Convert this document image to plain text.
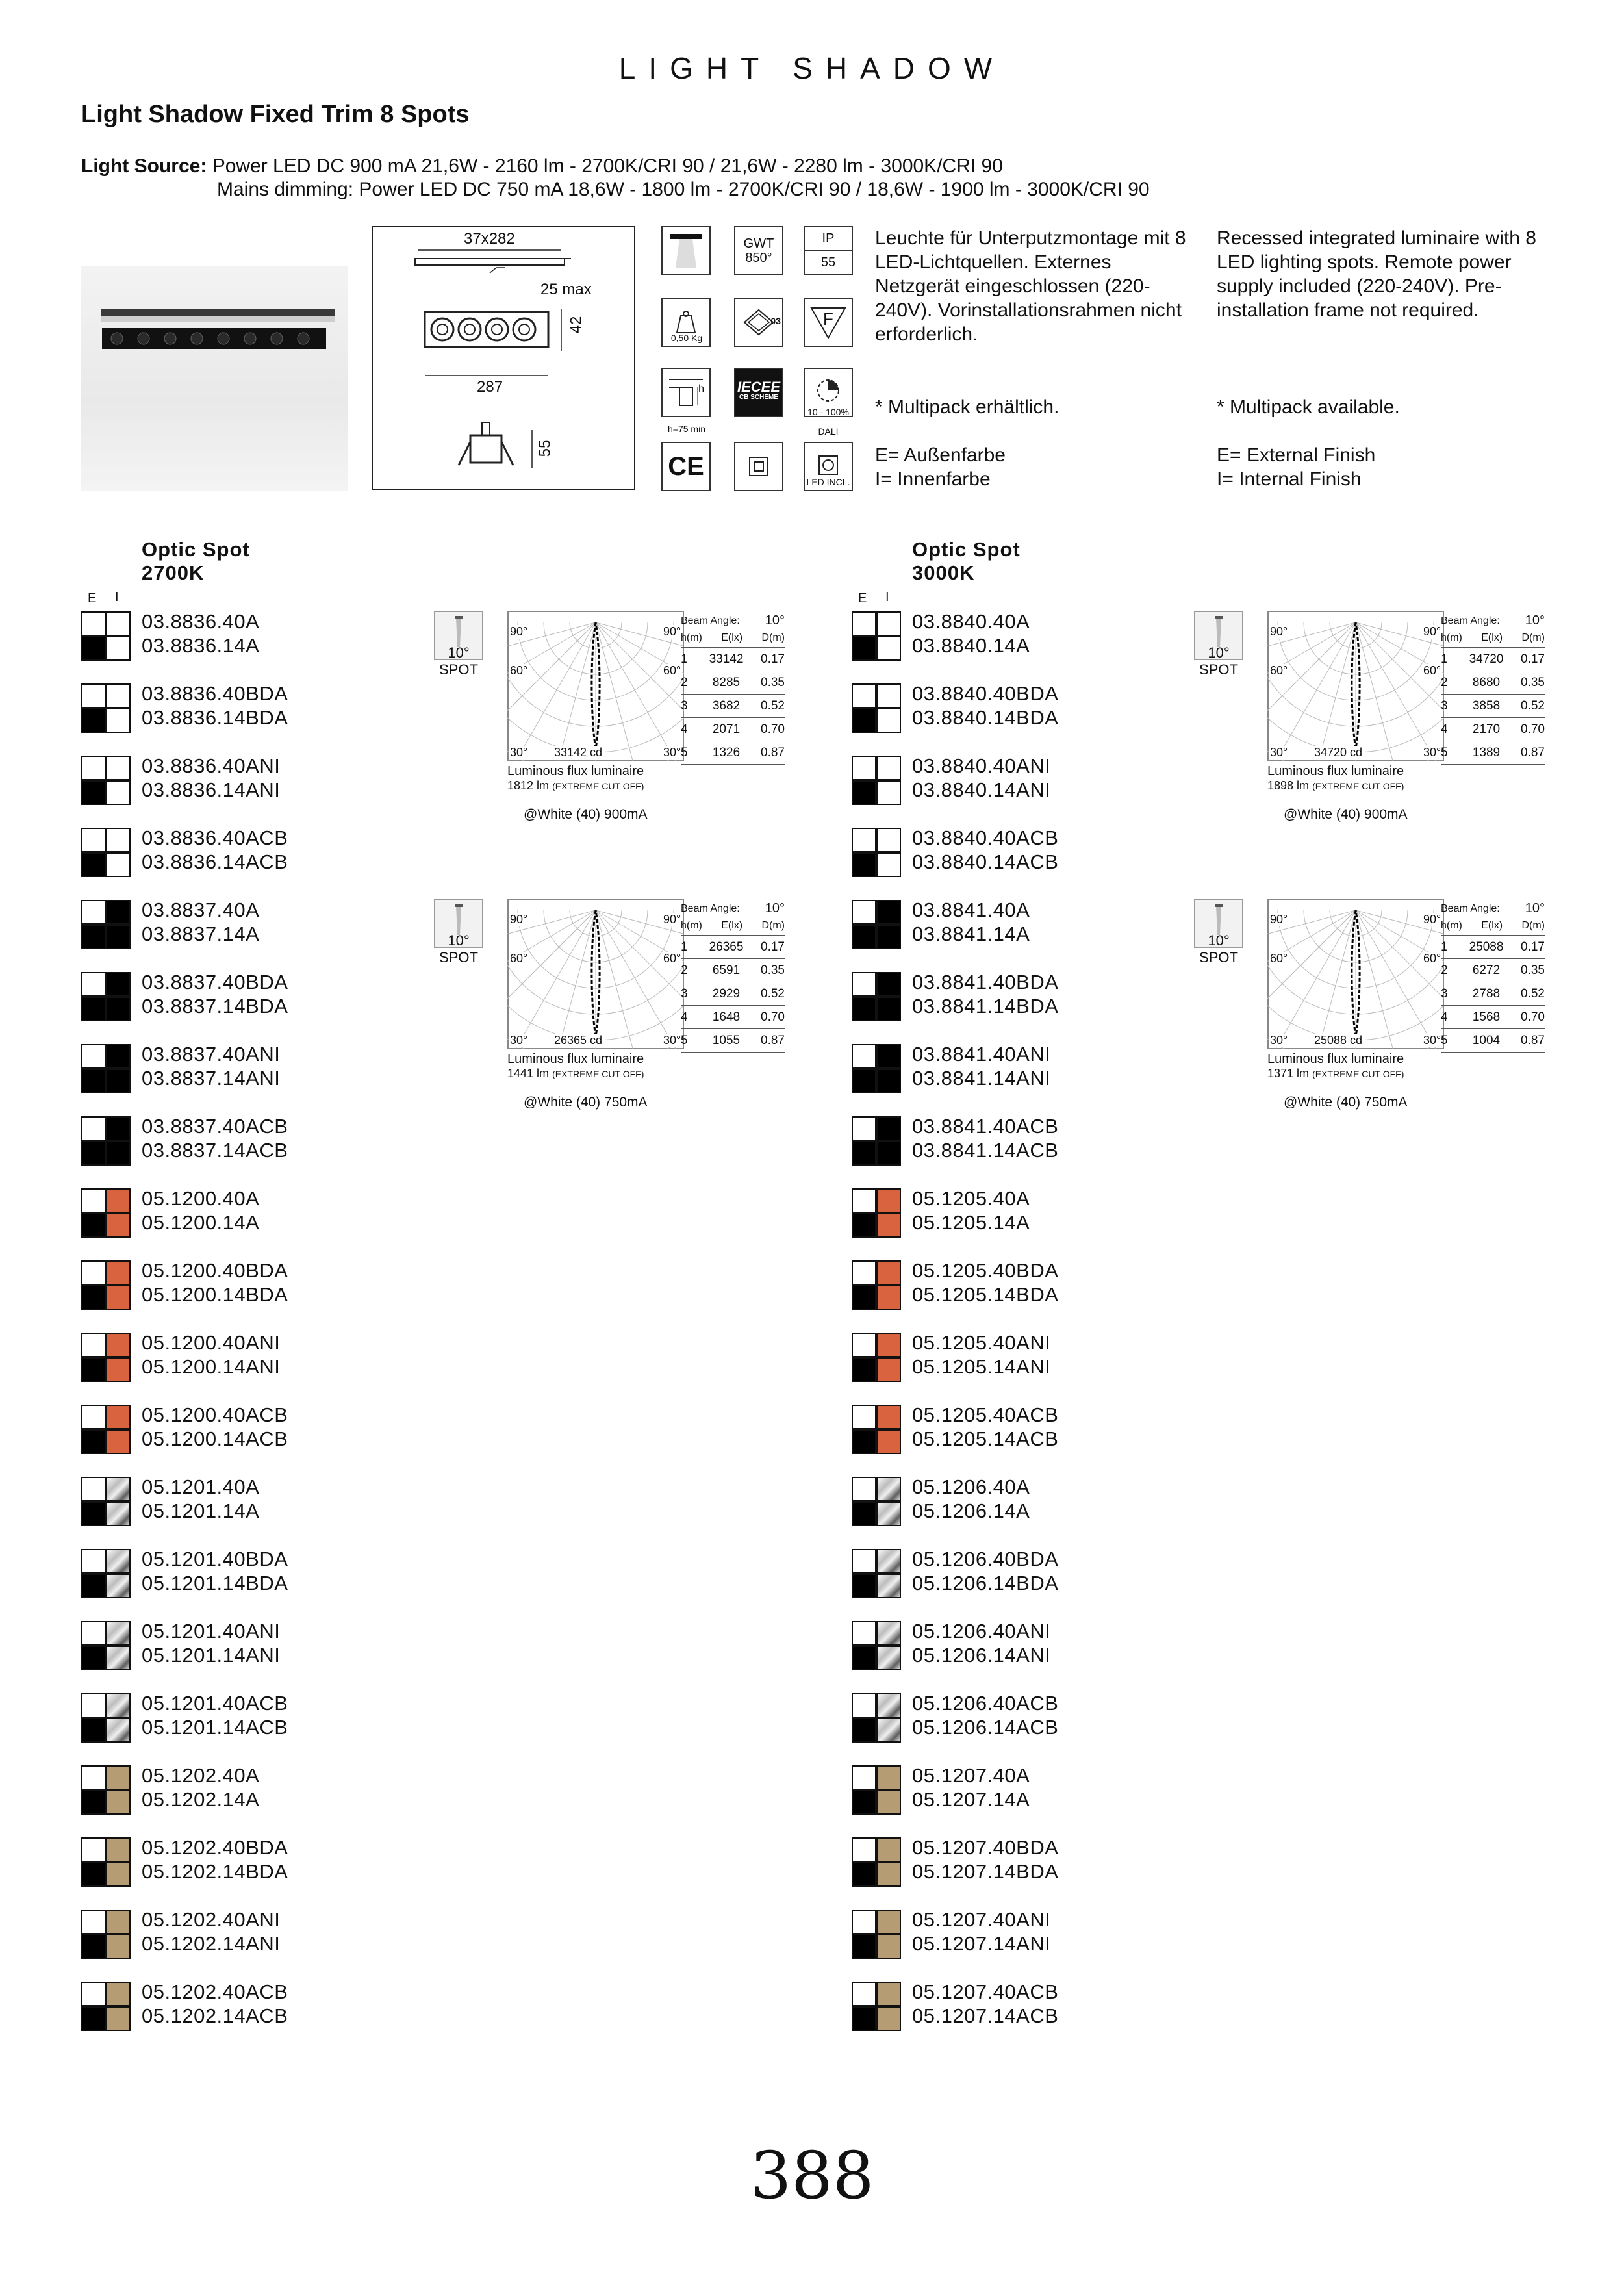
LIGHT SHADOW
Light Shadow Fixed Trim 8 Spots
Light Source: Power LED DC 900 mA 21,6W - 2160 lm - 2700K/CRI 90 / 21,6W - 2280 lm - 3000K/CRI 90
Mains dimming: Power LED DC 750 mA 18,6W - 1800 lm - 2700K/CRI 90 / 18,6W - 1900 lm - 3000K/CRI 90
37x282
25 max
42
287
55
GWT
850°
IP
55
0,50 Kg
03	F
h
h=75 min
IECEE
CB SCHEME
10 - 100%
DALI
CE
LED INCL.
Leuchte für Unterputzmontage mit 8 LED-Lichtquellen. Externes Netzgerät eingeschlossen (220-240V). Vorinstallationsrahmen nicht erforderlich.
Recessed integrated luminaire with 8 LED lighting spots. Remote power supply included (220-240V). Pre-installation frame not required.
* Multipack erhältlich.	* Multipack available.
E= Außenfarbe
I= Innenfarbe
E= External Finish
I= Internal Finish
Optic Spot
2700K
E I
03.8836.40A
03.8836.14A
03.8836.40BDA
03.8836.14BDA
03.8836.40ANI
03.8836.14ANI
03.8836.40ACB
03.8836.14ACB
03.8837.40A
03.8837.14A
03.8837.40BDA
03.8837.14BDA
03.8837.40ANI
03.8837.14ANI
03.8837.40ACB
03.8837.14ACB
05.1200.40A
05.1200.14A
05.1200.40BDA
05.1200.14BDA
05.1200.40ANI
05.1200.14ANI
05.1200.40ACB
05.1200.14ACB
05.1201.40A
05.1201.14A
05.1201.40BDA
05.1201.14BDA
05.1201.40ANI
05.1201.14ANI
05.1201.40ACB
05.1201.14ACB
05.1202.40A
05.1202.14A
05.1202.40BDA
05.1202.14BDA
05.1202.40ANI
05.1202.14ANI
05.1202.40ACB
05.1202.14ACB
Optic Spot
3000K
E I
03.8840.40A
03.8840.14A
03.8840.40BDA
03.8840.14BDA
03.8840.40ANI
03.8840.14ANI
03.8840.40ACB
03.8840.14ACB
03.8841.40A
03.8841.14A
03.8841.40BDA
03.8841.14BDA
03.8841.40ANI
03.8841.14ANI
03.8841.40ACB
03.8841.14ACB
05.1205.40A
05.1205.14A
05.1205.40BDA
05.1205.14BDA
05.1205.40ANI
05.1205.14ANI
05.1205.40ACB
05.1205.14ACB
05.1206.40A
05.1206.14A
05.1206.40BDA
05.1206.14BDA
05.1206.40ANI
05.1206.14ANI
05.1206.40ACB
05.1206.14ACB
05.1207.40A
05.1207.14A
05.1207.40BDA
05.1207.14BDA
05.1207.40ANI
05.1207.14ANI
05.1207.40ACB
05.1207.14ACB
10°
SPOT
90°	90°
60°	60°
30°	30°
33142 cd
Luminous flux luminaire
1812 lm (EXTREME CUT OFF)
@White (40) 900mA
Beam Angle: 10°
h(m) E(lx) D(m)
1	33142	0.17
2	8285	0.35
3	3682	0.52
4	2071	0.70
5	1326	0.87
10°
SPOT
90°	90°
60°	60°
30°	30°
34720 cd
Luminous flux luminaire
1898 lm (EXTREME CUT OFF)
@White (40) 900mA
Beam Angle: 10°
h(m) E(lx) D(m)
1	34720	0.17
2	8680	0.35
3	3858	0.52
4	2170	0.70
5	1389	0.87
10°
SPOT
90°	90°
60°	60°
30°	30°
26365 cd
Luminous flux luminaire
1441 lm (EXTREME CUT OFF)
@White (40) 750mA
Beam Angle: 10°
h(m) E(lx) D(m)
1	26365	0.17
2	6591	0.35
3	2929	0.52
4	1648	0.70
5	1055	0.87
10°
SPOT
90°	90°
60°	60°
30°	30°
25088 cd
Luminous flux luminaire
1371 lm (EXTREME CUT OFF)
@White (40) 750mA
Beam Angle: 10°
h(m) E(lx) D(m)
1	25088	0.17
2	6272	0.35
3	2788	0.52
4	1568	0.70
5	1004	0.87
388
